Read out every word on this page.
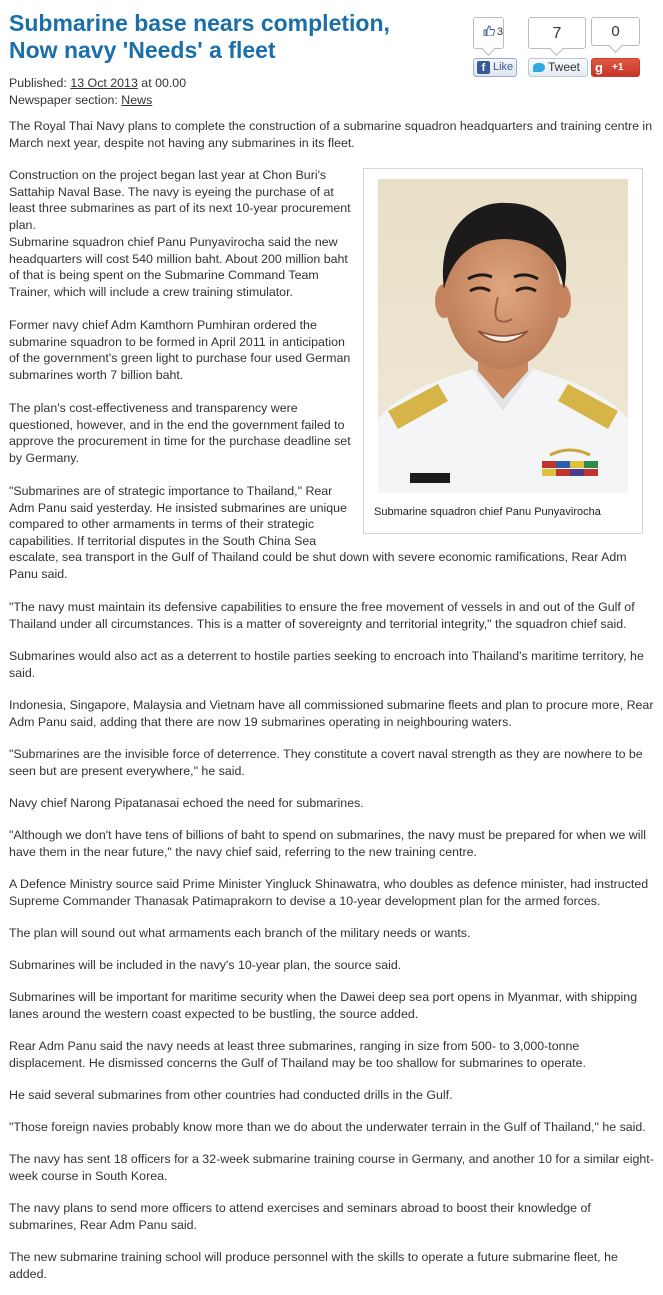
Submarine base nears completion,
Now navy 'Needs' a fleet
Published: 13 Oct 2013 at 00.00
Newspaper section: News
3	7	0
f Like	Tweet g +1
Submarine squadron chief Panu Punyavirocha

The Royal Thai Navy plans to complete the construction of a submarine squadron headquarters and training centre in March next year, despite not having any submarines in its fleet.

Construction on the project began last year at Chon Buri's Sattahip Naval Base. The navy is eyeing the purchase of at least three submarines as part of its next 10-year procurement plan.

Submarine squadron chief Panu Punyavirocha said the new headquarters will cost 540 million baht. About 200 million baht of that is being spent on the Submarine Command Team Trainer, which will include a crew training stimulator.

Former navy chief Adm Kamthorn Pumhiran ordered the submarine squadron to be formed in April 2011 in anticipation of the government's green light to purchase four used German submarines worth 7 billion baht.

The plan's cost-effectiveness and transparency were questioned, however, and in the end the government failed to approve the procurement in time for the purchase deadline set by Germany.

"Submarines are of strategic importance to Thailand," Rear Adm Panu said yesterday. He insisted submarines are unique compared to other armaments in terms of their strategic capabilities. If territorial disputes in the South China Sea

escalate, sea transport in the Gulf of Thailand could be shut down with severe economic ramifications, Rear Adm Panu said.

"The navy must maintain its defensive capabilities to ensure the free movement of vessels in and out of the Gulf of Thailand under all circumstances. This is a matter of sovereignty and territorial integrity," the squadron chief said.

Submarines would also act as a deterrent to hostile parties seeking to encroach into Thailand's maritime territory, he said.

Indonesia, Singapore, Malaysia and Vietnam have all commissioned submarine fleets and plan to procure more, Rear Adm Panu said, adding that there are now 19 submarines operating in neighbouring waters.

"Submarines are the invisible force of deterrence. They constitute a covert naval strength as they are nowhere to be seen but are present everywhere," he said.

Navy chief Narong Pipatanasai echoed the need for submarines.

"Although we don't have tens of billions of baht to spend on submarines, the navy must be prepared for when we will have them in the near future," the navy chief said, referring to the new training centre.

A Defence Ministry source said Prime Minister Yingluck Shinawatra, who doubles as defence minister, had instructed Supreme Commander Thanasak Patimaprakorn to devise a 10-year development plan for the armed forces.

The plan will sound out what armaments each branch of the military needs or wants.

Submarines will be included in the navy's 10-year plan, the source said.

Submarines will be important for maritime security when the Dawei deep sea port opens in Myanmar, with shipping lanes around the western coast expected to be bustling, the source added.

Rear Adm Panu said the navy needs at least three submarines, ranging in size from 500- to 3,000-tonne displacement. He dismissed concerns the Gulf of Thailand may be too shallow for submarines to operate.

He said several submarines from other countries had conducted drills in the Gulf.

"Those foreign navies probably know more than we do about the underwater terrain in the Gulf of Thailand," he said.

The navy has sent 18 officers for a 32-week submarine training course in Germany, and another 10 for a similar eight-week course in South Korea.

The navy plans to send more officers to attend exercises and seminars abroad to boost their knowledge of submarines, Rear Adm Panu said.

The new submarine training school will produce personnel with the skills to operate a future submarine fleet, he added.
